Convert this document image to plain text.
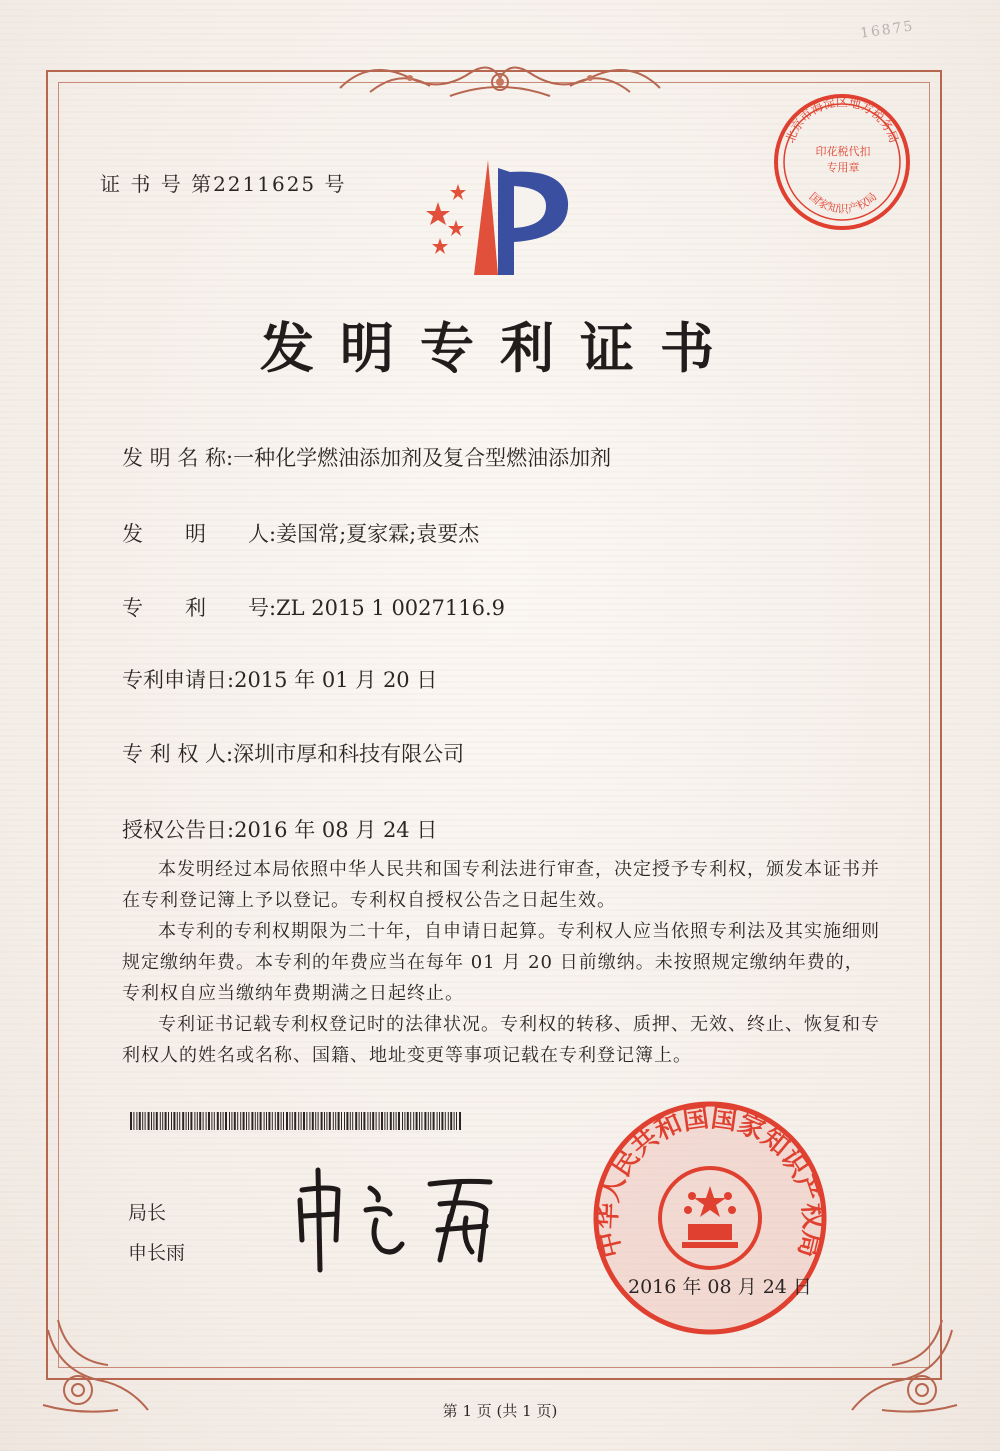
16875
证 书 号 第2211625 号
北京市海淀区地方税务局
国家知识产权局
印花税代扣专用章
发明专利证书
发 明 名 称:一种化学燃油添加剂及复合型燃油添加剂
发　　明　　人:姜国常;夏家霖;袁要杰
专　　利　　号:ZL 2015 1 0027116.9
专利申请日:2015 年 01 月 20 日
专 利 权 人:深圳市厚和科技有限公司
授权公告日:2016 年 08 月 24 日

本发明经过本局依照中华人民共和国专利法进行审查，决定授予专利权，颁发本证书并在专利登记簿上予以登记。专利权自授权公告之日起生效。

本专利的专利权期限为二十年，自申请日起算。专利权人应当依照专利法及其实施细则规定缴纳年费。本专利的年费应当在每年 01 月 20 日前缴纳。未按照规定缴纳年费的，专利权自应当缴纳年费期满之日起终止。

专利证书记载专利权登记时的法律状况。专利权的转移、质押、无效、终止、恢复和专利权人的姓名或名称、国籍、地址变更等事项记载在专利登记簿上。

局长
申长雨	中华人民共和国国家知识产权局
2016 年 08 月 24 日
第 1 页 (共 1 页)
